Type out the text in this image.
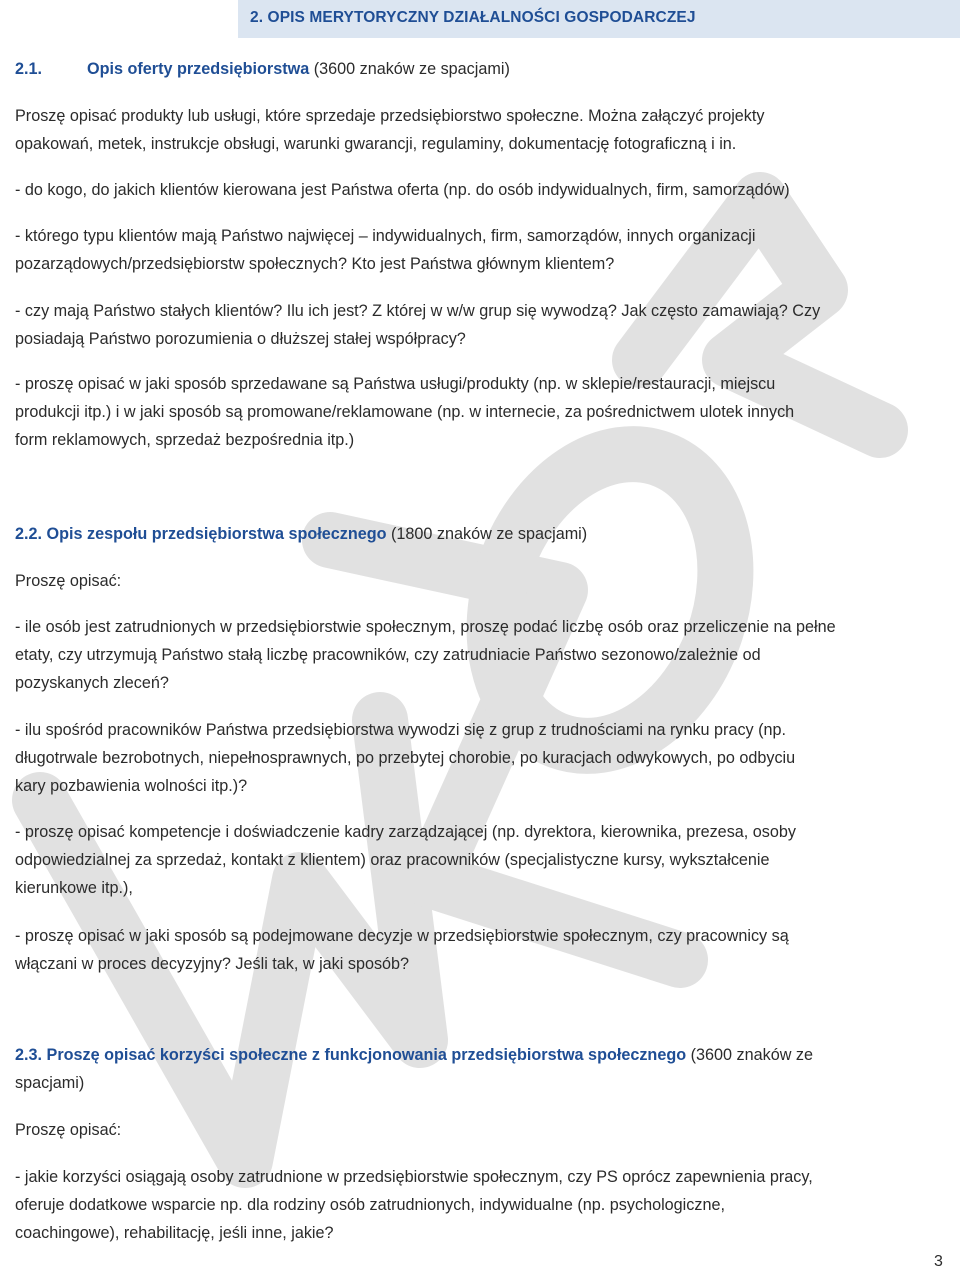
2. OPIS MERYTORYCZNY DZIAŁALNOŚCI GOSPODARCZEJ
2.1.	Opis oferty przedsiębiorstwa (3600 znaków ze spacjami)
Proszę opisać produkty lub usługi, które sprzedaje przedsiębiorstwo społeczne. Można załączyć projekty
opakowań, metek, instrukcje obsługi, warunki gwarancji, regulaminy, dokumentację fotograficzną i in.
- do kogo, do jakich klientów kierowana jest Państwa oferta (np. do osób indywidualnych, firm, samorządów)
- którego typu klientów mają Państwo najwięcej – indywidualnych, firm, samorządów, innych organizacji
pozarządowych/przedsiębiorstw społecznych? Kto jest Państwa głównym klientem?
- czy mają Państwo stałych klientów? Ilu ich jest? Z której w w/w grup się wywodzą? Jak często zamawiają? Czy
posiadają Państwo porozumienia o dłuższej stałej współpracy?
- proszę opisać w jaki sposób sprzedawane są Państwa usługi/produkty (np. w sklepie/restauracji, miejscu
produkcji itp.) i w jaki sposób są promowane/reklamowane (np. w internecie, za pośrednictwem ulotek innych
form reklamowych, sprzedaż bezpośrednia itp.)
2.2. Opis zespołu przedsiębiorstwa społecznego (1800 znaków ze spacjami)
Proszę opisać:
- ile osób jest zatrudnionych w przedsiębiorstwie społecznym, proszę podać liczbę osób oraz przeliczenie na pełne
etaty, czy utrzymują Państwo stałą liczbę pracowników, czy zatrudniacie Państwo sezonowo/zależnie od
pozyskanych zleceń?
- ilu spośród pracowników Państwa przedsiębiorstwa wywodzi się z grup z trudnościami na rynku pracy (np.
długotrwale bezrobotnych, niepełnosprawnych, po przebytej chorobie, po kuracjach odwykowych, po odbyciu
kary pozbawienia wolności itp.)?
- proszę opisać kompetencje i doświadczenie kadry zarządzającej (np. dyrektora, kierownika, prezesa, osoby
odpowiedzialnej za sprzedaż, kontakt z klientem) oraz pracowników (specjalistyczne kursy, wykształcenie
kierunkowe itp.),
- proszę opisać w jaki sposób są podejmowane decyzje w przedsiębiorstwie społecznym, czy pracownicy są
włączani w proces decyzyjny? Jeśli tak, w jaki sposób?
2.3. Proszę opisać korzyści społeczne z funkcjonowania przedsiębiorstwa społecznego (3600 znaków ze
spacjami)
Proszę opisać:
- jakie korzyści osiągają osoby zatrudnione w przedsiębiorstwie społecznym, czy PS oprócz zapewnienia pracy,
oferuje dodatkowe wsparcie np. dla rodziny osób zatrudnionych, indywidualne (np. psychologiczne,
coachingowe), rehabilitację, jeśli inne, jakie?
3
